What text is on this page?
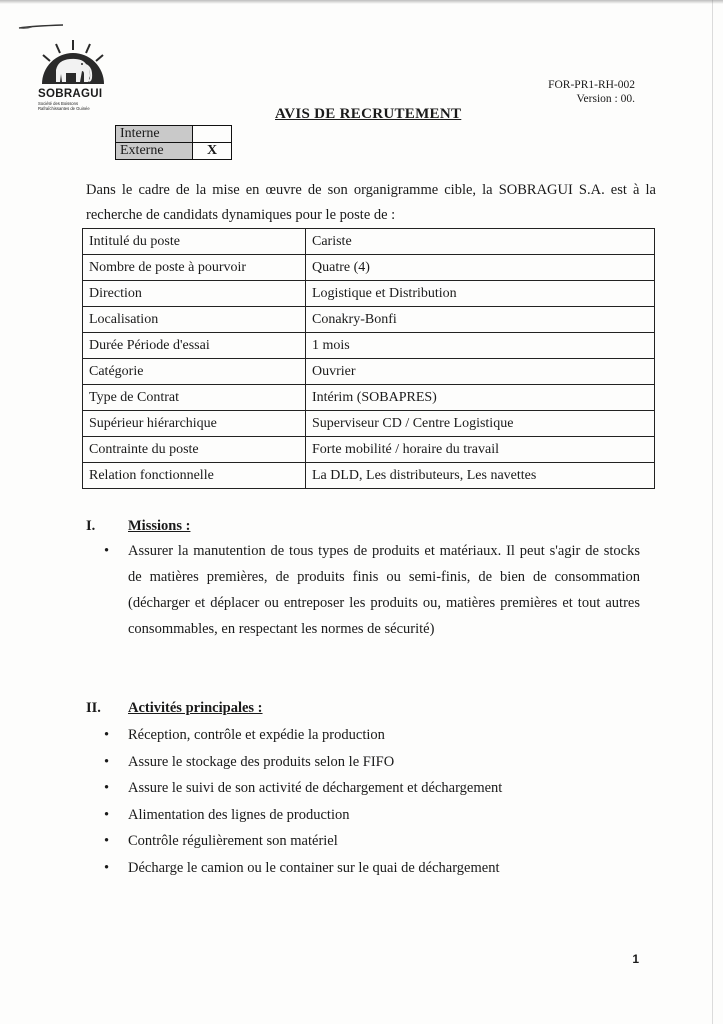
SOBRAGUI
Société des Boissons Rafraîchissantes de Guinée
FOR-PR1-RH-002
Version : 00.
AVIS DE RECRUTEMENT
Interne	
Externe	X
Dans le cadre de la mise en œuvre de son organigramme cible, la SOBRAGUI S.A. est à la recherche de candidats dynamiques pour le poste de :
Intitulé du poste	Cariste
Nombre de poste à pourvoir	Quatre (4)
Direction	Logistique et Distribution
Localisation	Conakry-Bonfi
Durée Période d'essai	1 mois
Catégorie	Ouvrier
Type de Contrat	Intérim (SOBAPRES)
Supérieur hiérarchique	Superviseur CD / Centre Logistique
Contrainte du poste	Forte mobilité / horaire du travail
Relation fonctionnelle	La DLD, Les distributeurs, Les navettes
I. Missions :
• Assurer la manutention de tous types de produits et matériaux. Il peut s'agir de stocks de matières premières, de produits finis ou semi-finis, de bien de consommation (décharger et déplacer ou entreposer les produits ou, matières premières et tout autres consommables, en respectant les normes de sécurité)
II. Activités principales :
• Réception, contrôle et expédie la production
• Assure le stockage des produits selon le FIFO
• Assure le suivi de son activité de déchargement et déchargement
• Alimentation des lignes de production
• Contrôle régulièrement son matériel
• Décharge le camion ou le container sur le quai de déchargement
1
